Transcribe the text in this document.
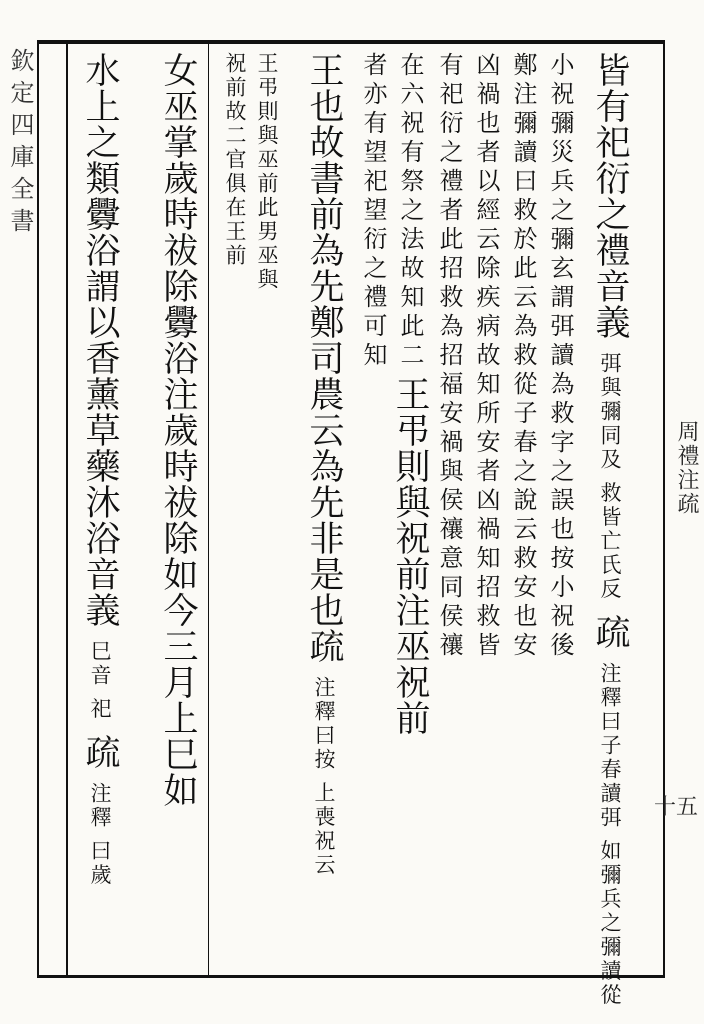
欽定四庫全書
周禮注疏
十五
皆有祀衍之禮音義 弭與彌同及 救皆亡氏反 疏 注釋曰子春讀弭 如彌兵之彌讀從
小祝彌災兵之彌玄謂弭讀為救字之誤也按小祝後
鄭注彌讀曰救於此云為救從子春之說云救安也安
凶禍也者以經云除疾病故知所安者凶禍知招救皆
有祀衍之禮者此招救為招福安禍與侯禳意同侯禳
在六祝有祭之法故知此二 王弔則與祝前注巫祝前
者亦有望祀望衍之禮可知
王也故書前為先鄭司農云為先非是也疏 注釋曰按 上喪祝云
王弔則與巫前此男巫與
祝前故二官俱在王前
女巫掌歲時祓除釁浴注歲時祓除如今三月上巳如
水上之類釁浴謂以香薰草藥沐浴音義 巳音 祀 疏 注釋 曰歲
